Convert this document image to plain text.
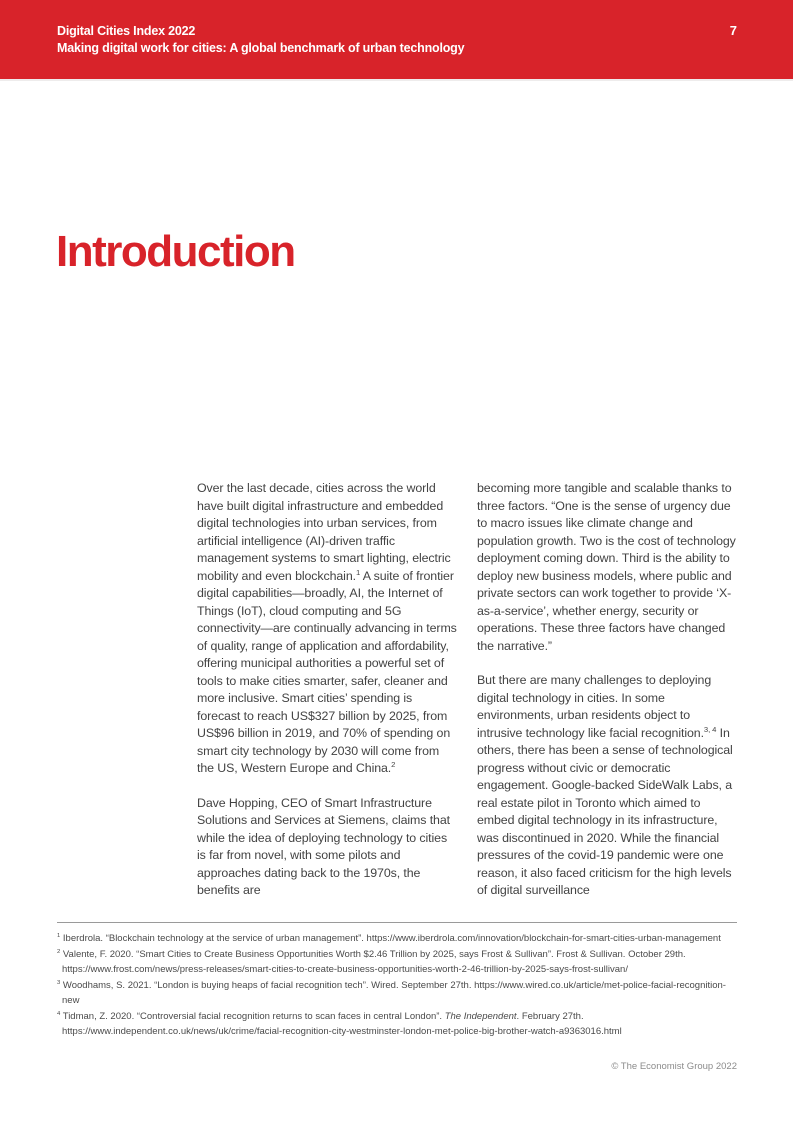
Digital Cities Index 2022
Making digital work for cities: A global benchmark of urban technology
7
Introduction

Over the last decade, cities across the world have built digital infrastructure and embedded digital technologies into urban services, from artificial intelligence (AI)-driven traffic management systems to smart lighting, electric mobility and even blockchain.$^1$ A suite of frontier digital capabilities—broadly, AI, the Internet of Things (IoT), cloud computing and 5G connectivity—are continually advancing in terms of quality, range of application and affordability, offering municipal authorities a powerful set of tools to make cities smarter, safer, cleaner and more inclusive. Smart cities’ spending is forecast to reach US$327 billion by 2025, from US$96 billion in 2019, and 70% of spending on smart city technology by 2030 will come from the US, Western Europe and China.$^2$

Dave Hopping, CEO of Smart Infrastructure Solutions and Services at Siemens, claims that while the idea of deploying technology to cities is far from novel, with some pilots and approaches dating back to the 1970s, the benefits are

becoming more tangible and scalable thanks to three factors. “One is the sense of urgency due to macro issues like climate change and population growth. Two is the cost of technology deployment coming down. Third is the ability to deploy new business models, where public and private sectors can work together to provide ‘X-as-a-service’, whether energy, security or operations. These three factors have changed the narrative.”

But there are many challenges to deploying digital technology in cities. In some environments, urban residents object to intrusive technology like facial recognition.$^{3, 4}$ In others, there has been a sense of technological progress without civic or democratic engagement. Google-backed SideWalk Labs, a real estate pilot in Toronto which aimed to embed digital technology in its infrastructure, was discontinued in 2020. While the financial pressures of the covid-19 pandemic were one reason, it also faced criticism for the high levels of digital surveillance

$^1$ Iberdrola. “Blockchain technology at the service of urban management”. https://www.iberdrola.com/innovation/blockchain-for-smart-cities-urban-management
$^2$ Valente, F. 2020. “Smart Cities to Create Business Opportunities Worth $2.46 Trillion by 2025, says Frost & Sullivan”. Frost & Sullivan. October 29th. https://www.frost.com/news/press-releases/smart-cities-to-create-business-opportunities-worth-2-46-trillion-by-2025-says-frost-sullivan/
$^3$ Woodhams, S. 2021. “London is buying heaps of facial recognition tech”. Wired. September 27th. https://www.wired.co.uk/article/met-police-facial-recognition-new
$^4$ Tidman, Z. 2020. “Controversial facial recognition returns to scan faces in central London”. The Independent. February 27th. https://www.independent.co.uk/news/uk/crime/facial-recognition-city-westminster-london-met-police-big-brother-watch-a9363016.html
© The Economist Group 2022
